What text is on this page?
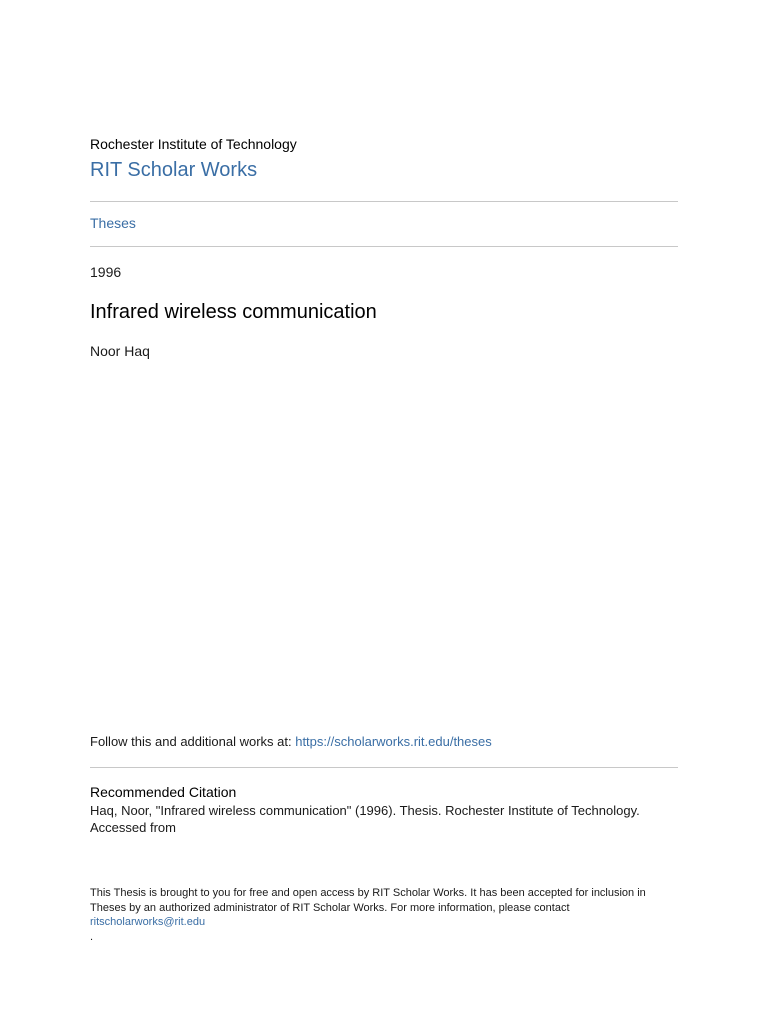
Rochester Institute of Technology

RIT Scholar Works
Theses

1996

Infrared wireless communication

Noor Haq

Follow this and additional works at: https://scholarworks.rit.edu/theses

Recommended Citation

Haq, Noor, "Infrared wireless communication" (1996). Thesis. Rochester Institute of Technology.
Accessed from

This Thesis is brought to you for free and open access by RIT Scholar Works. It has been accepted for inclusion in
Theses by an authorized administrator of RIT Scholar Works. For more information, please contact
ritscholarworks@rit.edu
.
